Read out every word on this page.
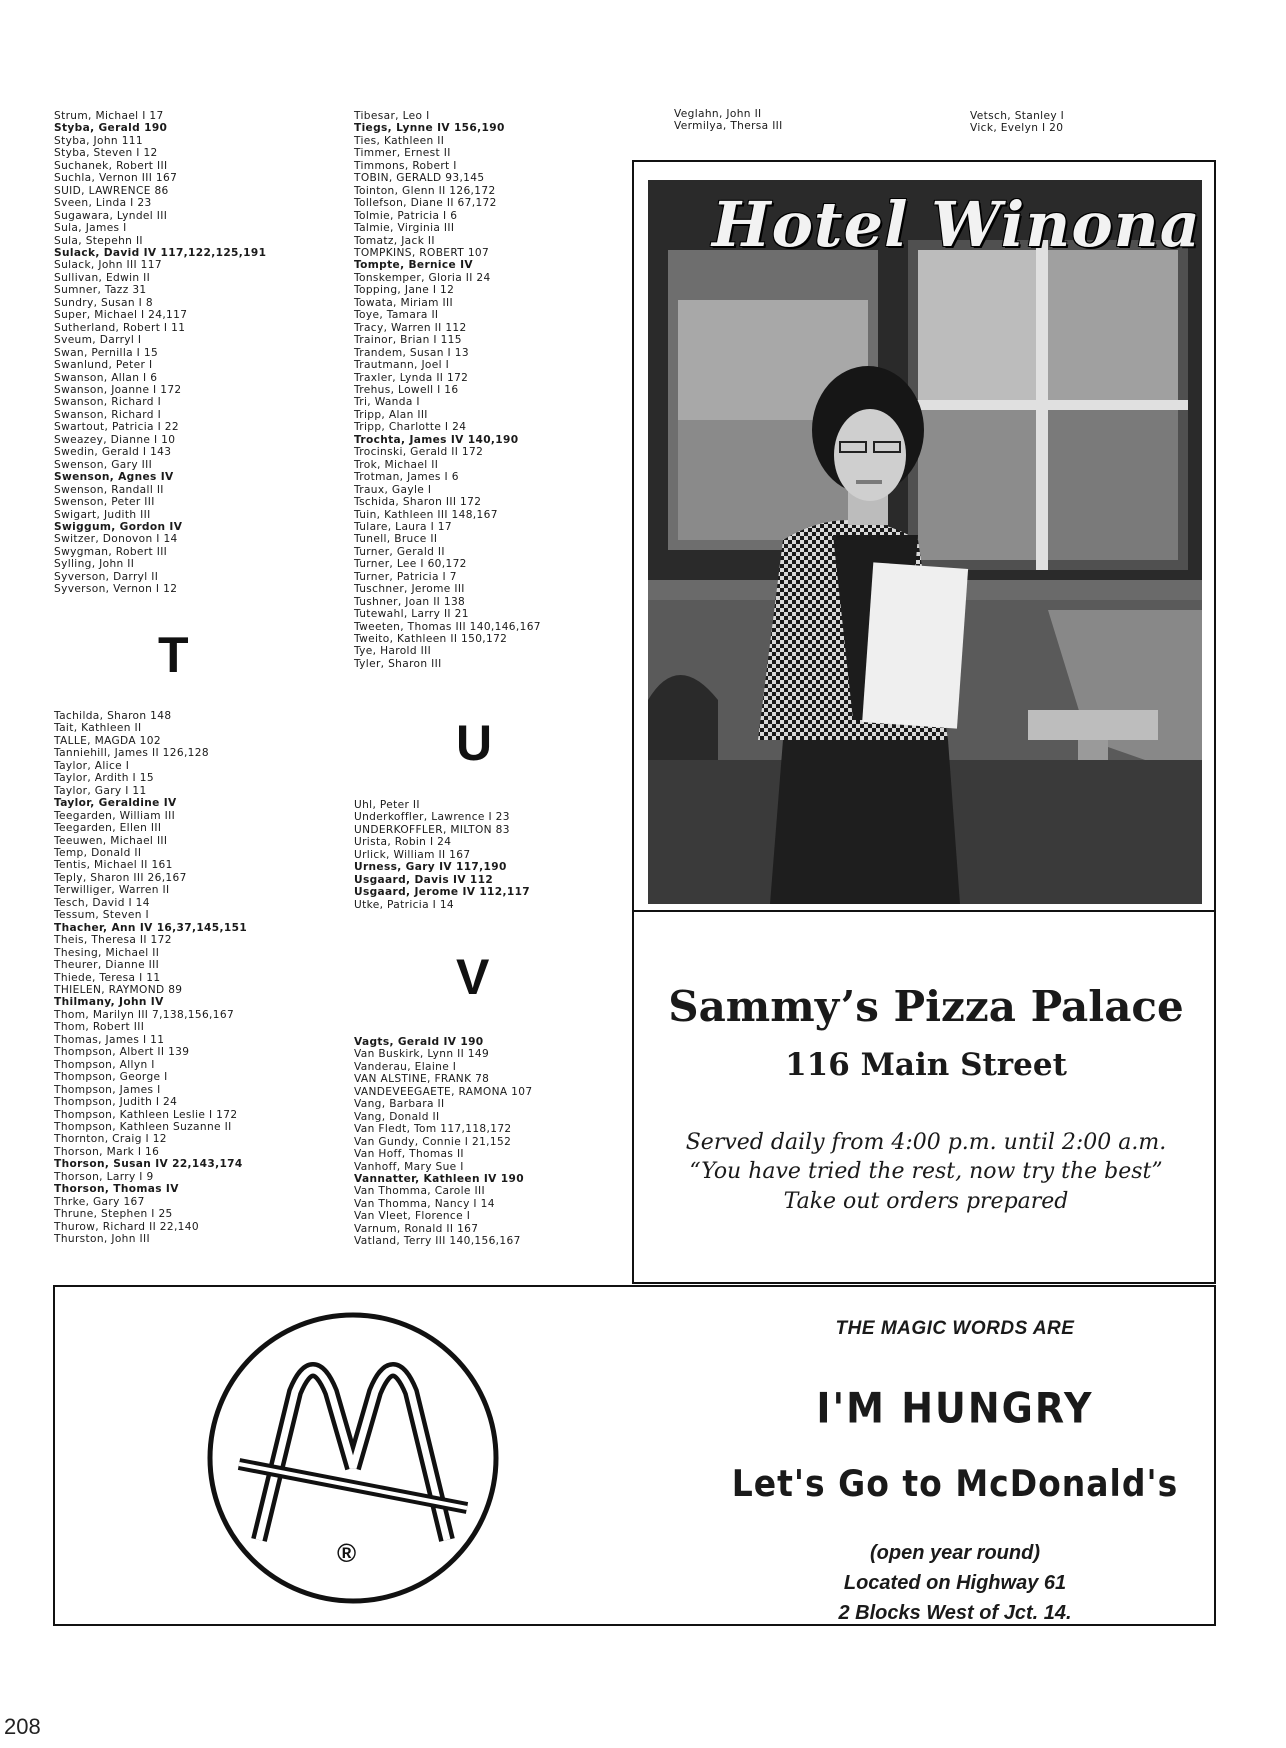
Strum, Michael I 17
Styba, Gerald 190
Styba, John 111
Styba, Steven I 12
Suchanek, Robert III
Suchla, Vernon III 167
SUID, LAWRENCE 86
Sveen, Linda I 23
Sugawara, Lyndel III
Sula, James I
Sula, Stepehn II
Sulack, David IV 117,122,125,191
Sulack, John III 117
Sullivan, Edwin II
Sumner, Tazz 31
Sundry, Susan I 8
Super, Michael I 24,117
Sutherland, Robert I 11
Sveum, Darryl I
Swan, Pernilla I 15
Swanlund, Peter I
Swanson, Allan I 6
Swanson, Joanne I 172
Swanson, Richard I
Swanson, Richard I
Swartout, Patricia I 22
Sweazey, Dianne I 10
Swedin, Gerald I 143
Swenson, Gary III
Swenson, Agnes IV
Swenson, Randall II
Swenson, Peter III
Swigart, Judith III
Swiggum, Gordon IV
Switzer, Donovon I 14
Swygman, Robert III
Sylling, John II
Syverson, Darryl II
Syverson, Vernon I 12
T
Tachilda, Sharon 148
Tait, Kathleen II
TALLE, MAGDA 102
Tanniehill, James II 126,128
Taylor, Alice I
Taylor, Ardith I 15
Taylor, Gary I 11
Taylor, Geraldine IV
Teegarden, William III
Teegarden, Ellen III
Teeuwen, Michael III
Temp, Donald II
Tentis, Michael II 161
Teply, Sharon III 26,167
Terwilliger, Warren II
Tesch, David I 14
Tessum, Steven I
Thacher, Ann IV 16,37,145,151
Theis, Theresa II 172
Thesing, Michael II
Theurer, Dianne III
Thiede, Teresa I 11
THIELEN, RAYMOND 89
Thilmany, John IV
Thom, Marilyn III 7,138,156,167
Thom, Robert III
Thomas, James I 11
Thompson, Albert II 139
Thompson, Allyn I
Thompson, George I
Thompson, James I
Thompson, Judith I 24
Thompson, Kathleen Leslie I 172
Thompson, Kathleen Suzanne II
Thornton, Craig I 12
Thorson, Mark I 16
Thorson, Susan IV 22,143,174
Thorson, Larry I 9
Thorson, Thomas IV
Thrke, Gary 167
Thrune, Stephen I 25
Thurow, Richard II 22,140
Thurston, John III
Tibesar, Leo I
Tiegs, Lynne IV 156,190
Ties, Kathleen II
Timmer, Ernest II
Timmons, Robert I
TOBIN, GERALD 93,145
Tointon, Glenn II 126,172
Tollefson, Diane II 67,172
Tolmie, Patricia I 6
Talmie, Virginia III
Tomatz, Jack II
TOMPKINS, ROBERT 107
Tompte, Bernice IV
Tonskemper, Gloria II 24
Topping, Jane I 12
Towata, Miriam III
Toye, Tamara II
Tracy, Warren II 112
Trainor, Brian I 115
Trandem, Susan I 13
Trautmann, Joel I
Traxler, Lynda II 172
Trehus, Lowell I 16
Tri, Wanda I
Tripp, Alan III
Tripp, Charlotte I 24
Trochta, James IV 140,190
Trocinski, Gerald II 172
Trok, Michael II
Trotman, James I 6
Traux, Gayle I
Tschida, Sharon III 172
Tuin, Kathleen III 148,167
Tulare, Laura I 17
Tunell, Bruce II
Turner, Gerald II
Turner, Lee I 60,172
Turner, Patricia I 7
Tuschner, Jerome III
Tushner, Joan II 138
Tutewahl, Larry II 21
Tweeten, Thomas III 140,146,167
Tweito, Kathleen II 150,172
Tye, Harold III
Tyler, Sharon III
U
Uhl, Peter II
Underkoffler, Lawrence I 23
UNDERKOFFLER, MILTON 83
Urista, Robin I 24
Urlick, William II 167
Urness, Gary IV 117,190
Usgaard, Davis IV 112
Usgaard, Jerome IV 112,117
Utke, Patricia I 14
V
Vagts, Gerald IV 190
Van Buskirk, Lynn II 149
Vanderau, Elaine I
VAN ALSTINE, FRANK 78
VANDEVEEGAETE, RAMONA 107
Vang, Barbara II
Vang, Donald II
Van Fledt, Tom 117,118,172
Van Gundy, Connie I 21,152
Van Hoff, Thomas II
Vanhoff, Mary Sue I
Vannatter, Kathleen IV 190
Van Thomma, Carole III
Van Thomma, Nancy I 14
Van Vleet, Florence I
Varnum, Ronald II 167
Vatland, Terry III 140,156,167
Veglahn, John II
Vermilya, Thersa III
Vetsch, Stanley I
Vick, Evelyn I 20
Hotel Winona
Sammy’s Pizza Palace
116 Main Street
Served daily from 4:00 p.m. until 2:00 a.m.
“You have tried the rest, now try the best”
Take out orders prepared
®
THE MAGIC WORDS ARE
I'M HUNGRY
Let's Go to McDonald's
(open year round)
Located on Highway 61
2 Blocks West of Jct. 14.
208
